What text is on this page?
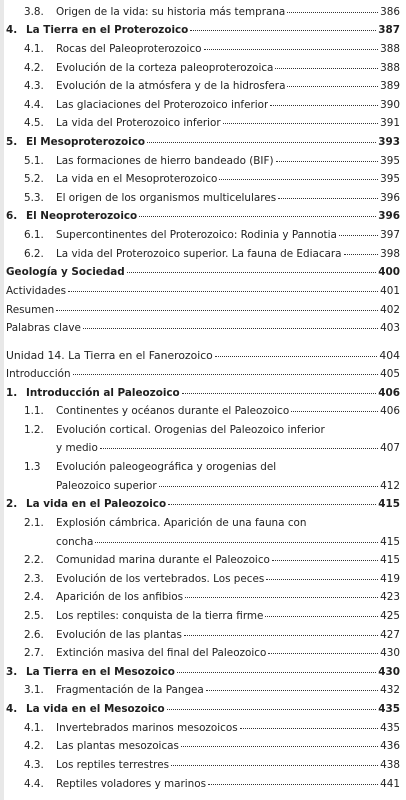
3.8.	Origen de la vida: su historia más temprana	386
4. La Tierra en el Proterozoico	387
4.1.	Rocas del Paleoproterozoico	388
4.2.	Evolución de la corteza paleoproterozoica	388
4.3.	Evolución de la atmósfera y de la hidrosfera	389
4.4.	Las glaciaciones del Proterozoico inferior	390
4.5.	La vida del Proterozoico inferior	391
5. El Mesoproterozoico	393
5.1.	Las formaciones de hierro bandeado (BIF)	395
5.2.	La vida en el Mesoproterozoico	395
5.3.	El origen de los organismos multicelulares	396
6. El Neoproterozoico	396
6.1.	Supercontinentes del Proterozoico: Rodinia y Pannotia	397
6.2.	La vida del Proterozoico superior. La fauna de Ediacara	398
Geología y Sociedad	400
Actividades	401
Resumen	402
Palabras clave	403
Unidad 14. La Tierra en el Fanerozoico	404
Introducción	405
1. Introducción al Paleozoico	406
1.1.	Continentes y océanos durante el Paleozoico	406
1.2.	Evolución cortical. Orogenias del Paleozoico inferior
y medio	407
1.3	Evolución paleogeográfica y orogenias del
Paleozoico superior	412
2. La vida en el Paleozoico	415
2.1.	Explosión cámbrica. Aparición de una fauna con
concha	415
2.2.	Comunidad marina durante el Paleozoico	415
2.3.	Evolución de los vertebrados. Los peces	419
2.4.	Aparición de los anfibios	423
2.5.	Los reptiles: conquista de la tierra firme	425
2.6.	Evolución de las plantas	427
2.7.	Extinción masiva del final del Paleozoico	430
3. La Tierra en el Mesozoico	430
3.1.	Fragmentación de la Pangea	432
4. La vida en el Mesozoico	435
4.1.	Invertebrados marinos mesozoicos	435
4.2.	Las plantas mesozoicas	436
4.3.	Los reptiles terrestres	438
4.4.	Reptiles voladores y marinos	441
